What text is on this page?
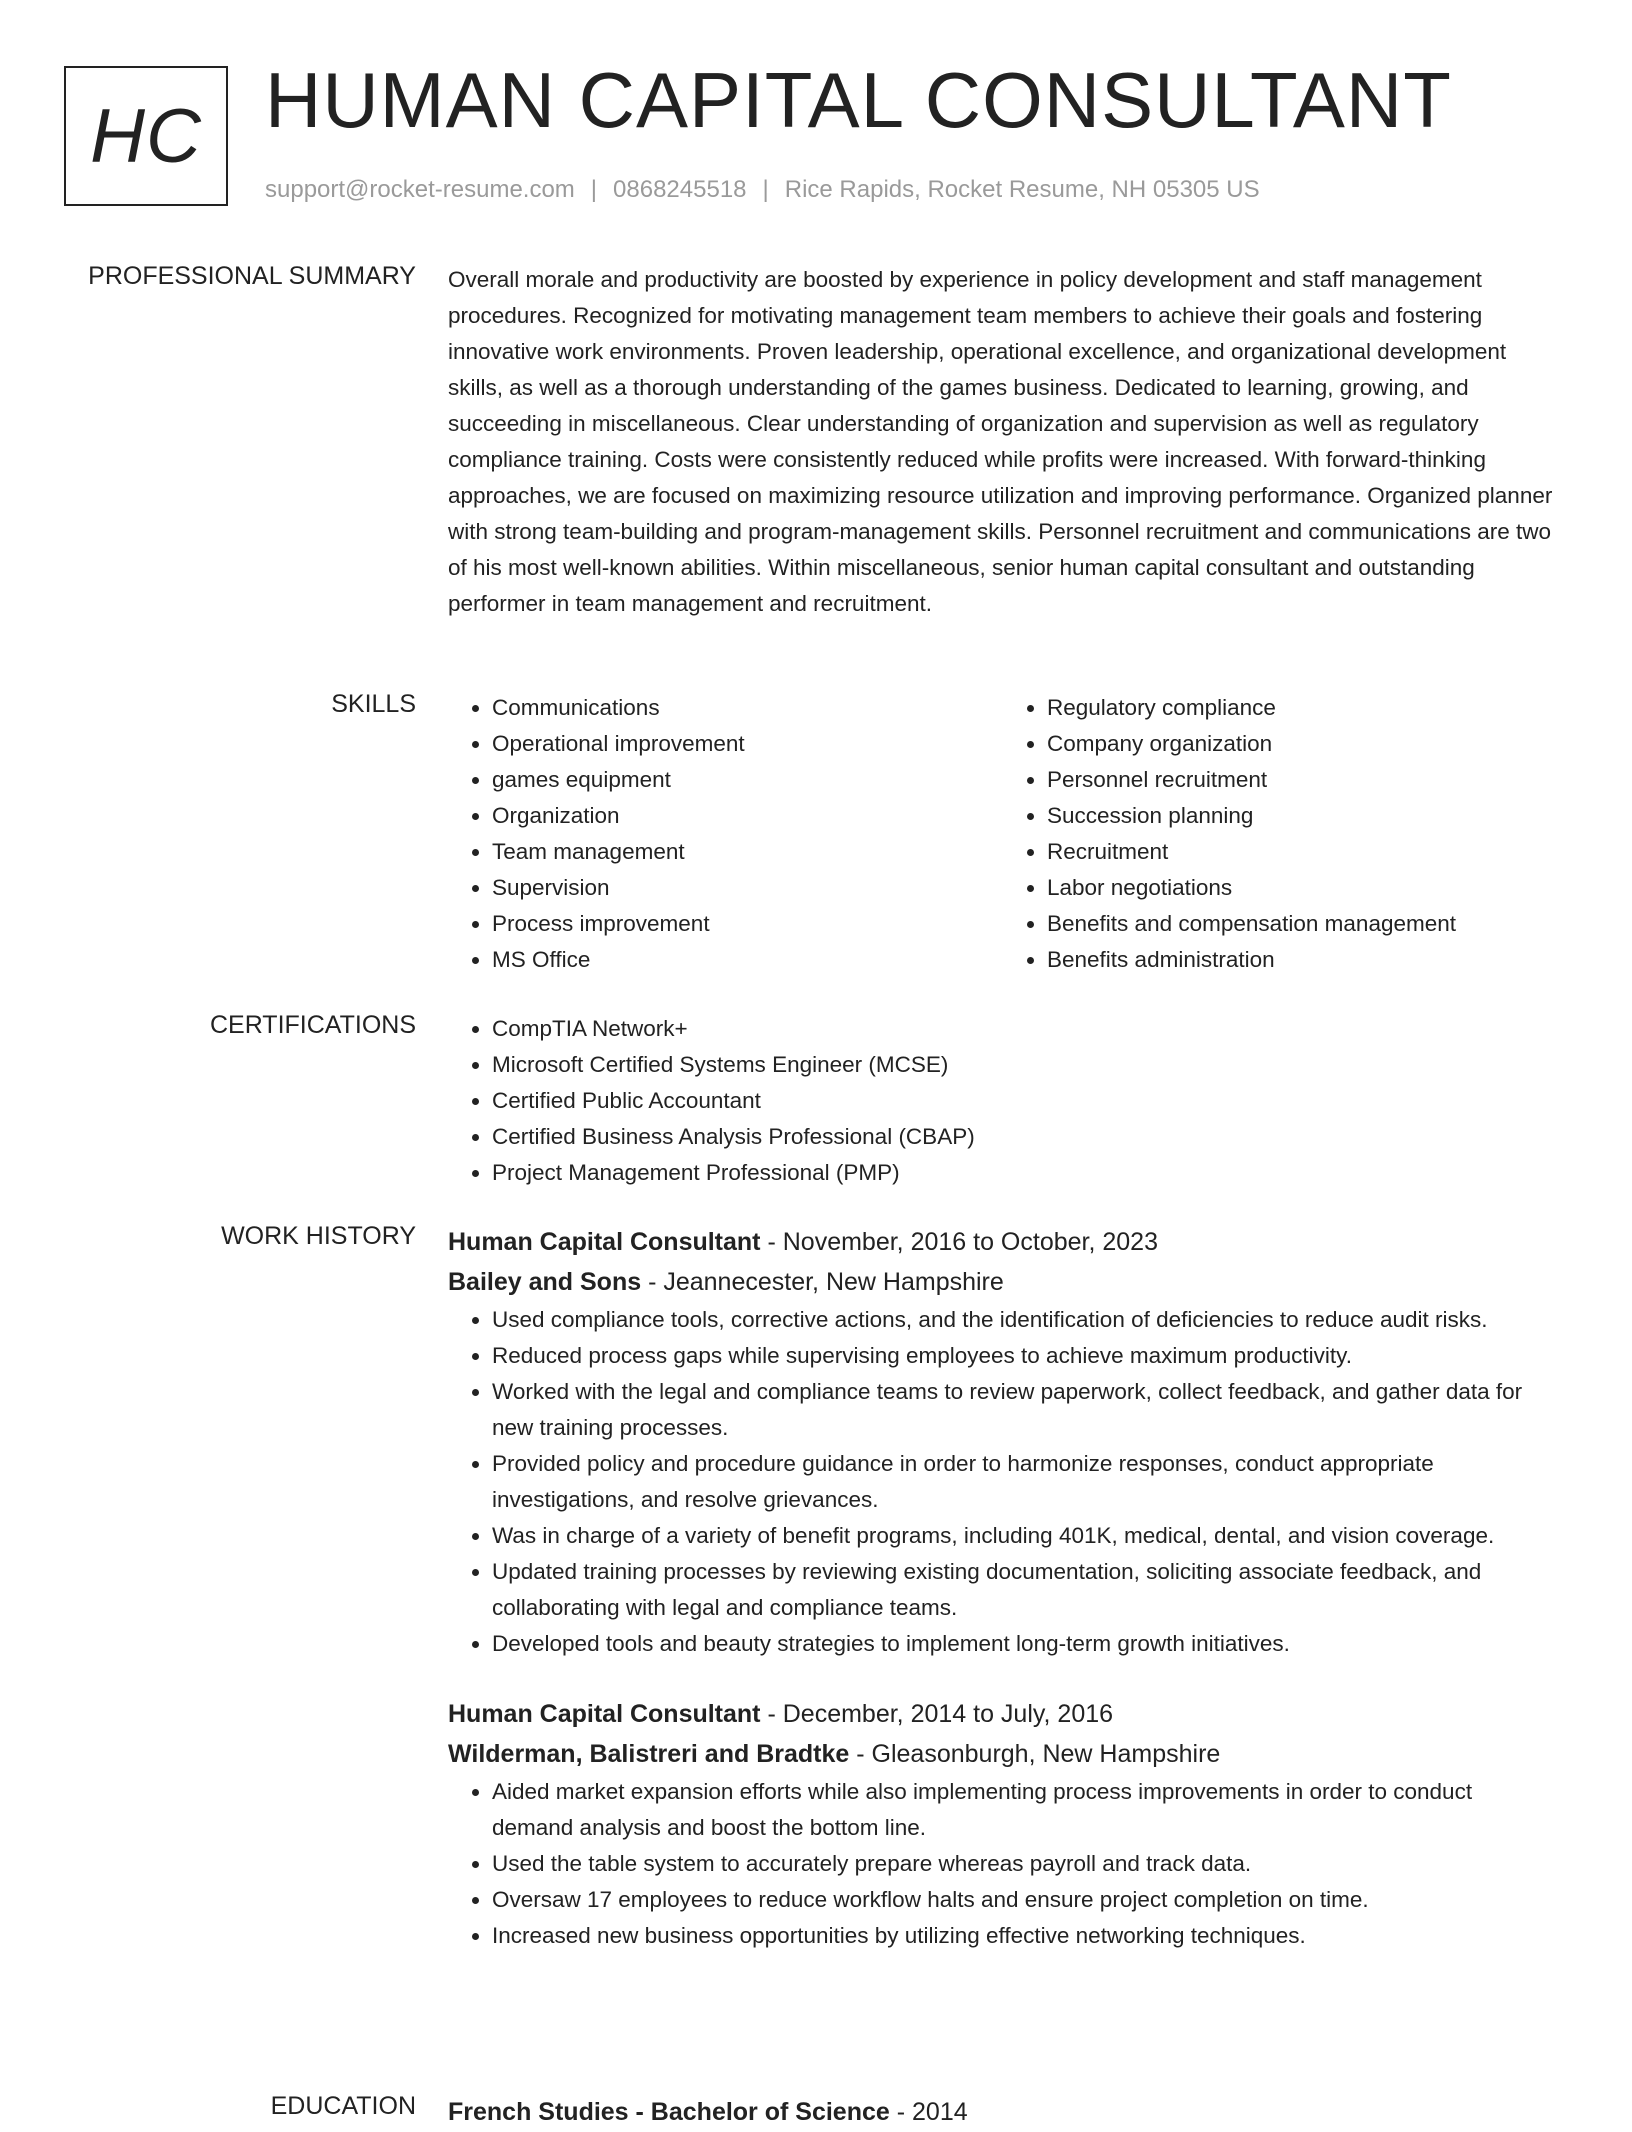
HC HUMAN CAPITAL CONSULTANT
support@rocket-resume.com | 0868245518 | Rice Rapids, Rocket Resume, NH 05305 US
PROFESSIONAL SUMMARY Overall morale and productivity are boosted by experience in policy development and staff management procedures. Recognized for motivating management team members to achieve their goals and fostering innovative work environments. Proven leadership, operational excellence, and organizational development skills, as well as a thorough understanding of the games business. Dedicated to learning, growing, and succeeding in miscellaneous. Clear understanding of organization and supervision as well as regulatory compliance training. Costs were consistently reduced while profits were increased. With forward-thinking approaches, we are focused on maximizing resource utilization and improving performance. Organized planner with strong team-building and program-management skills. Personnel recruitment and communications are two of his most well-known abilities. Within miscellaneous, senior human capital consultant and outstanding performer in team management and recruitment.

SKILLS	• Communications
• Operational improvement
• games equipment
• Organization
• Team management
• Supervision
• Process improvement
• MS Office
• Regulatory compliance
• Company organization
• Personnel recruitment
• Succession planning
• Recruitment
• Labor negotiations
• Benefits and compensation management
• Benefits administration
CERTIFICATIONS	• CompTIA Network+
• Microsoft Certified Systems Engineer (MCSE)
• Certified Public Accountant
• Certified Business Analysis Professional (CBAP)
• Project Management Professional (PMP)
WORK HISTORY Human Capital Consultant - November, 2016 to October, 2023
Bailey and Sons - Jeannecester, New Hampshire
• Used compliance tools, corrective actions, and the identification of deficiencies to reduce audit risks.
• Reduced process gaps while supervising employees to achieve maximum productivity.
• Worked with the legal and compliance teams to review paperwork, collect feedback, and gather data for new training processes.
• Provided policy and procedure guidance in order to harmonize responses, conduct appropriate investigations, and resolve grievances.
• Was in charge of a variety of benefit programs, including 401K, medical, dental, and vision coverage.
• Updated training processes by reviewing existing documentation, soliciting associate feedback, and collaborating with legal and compliance teams.
• Developed tools and beauty strategies to implement long-term growth initiatives.
Human Capital Consultant - December, 2014 to July, 2016
Wilderman, Balistreri and Bradtke - Gleasonburgh, New Hampshire
• Aided market expansion efforts while also implementing process improvements in order to conduct demand analysis and boost the bottom line.
• Used the table system to accurately prepare whereas payroll and track data.
• Oversaw 17 employees to reduce workflow halts and ensure project completion on time.
• Increased new business opportunities by utilizing effective networking techniques.
EDUCATION French Studies - Bachelor of Science - 2014
